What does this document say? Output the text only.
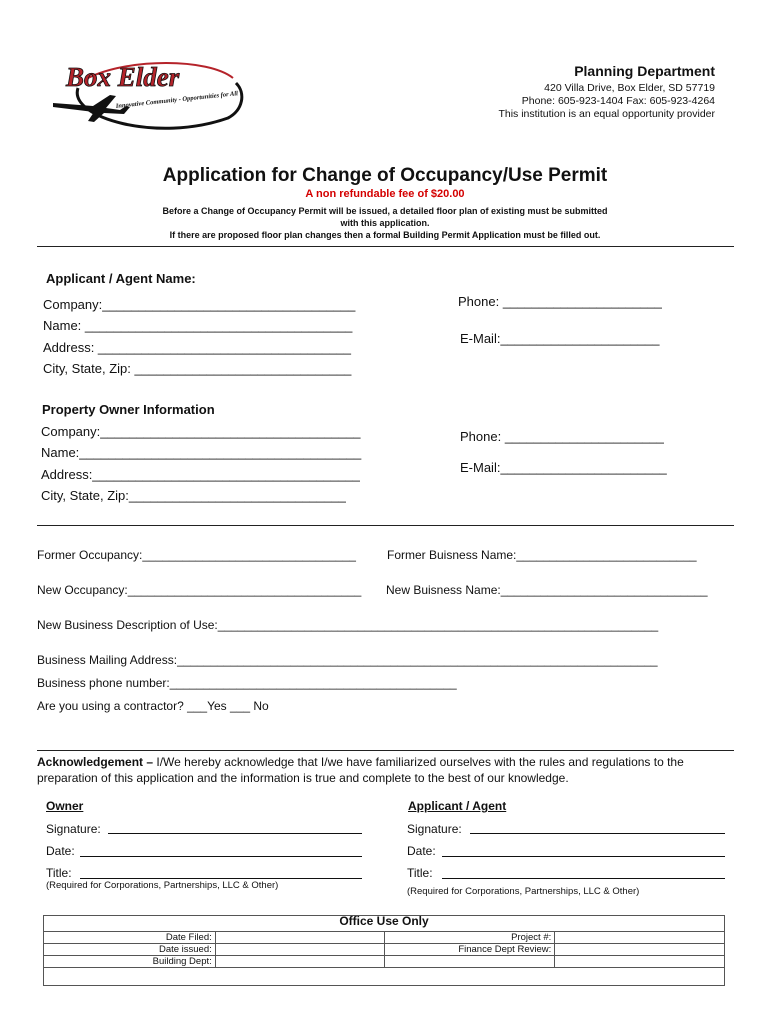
Box Elder
Innovative Community - Opportunities for All
Planning Department
420 Villa Drive, Box Elder, SD 57719
Phone: 605-923-1404 Fax: 605-923-4264
This institution is an equal opportunity provider
Application for Change of Occupancy/Use Permit
A non refundable fee of $20.00
Before a Change of Occupancy Permit will be issued, a detailed floor plan of existing must be submitted
with this application.
If there are proposed floor plan changes then a formal Building Permit Application must be filled out.
Applicant / Agent Name:
Company:___________________________________
Name: _____________________________________
Address: ___________________________________
City, State, Zip: ______________________________
Phone: ______________________
E-Mail:______________________
Property Owner Information
Company:____________________________________
Name:_______________________________________
Address:_____________________________________
City, State, Zip:______________________________
Phone: ______________________
E-Mail:_______________________
Former Occupancy:________________________________	Former Buisness Name:___________________________
New Occupancy:___________________________________ New Buisness Name:_______________________________
New Business Description of Use:__________________________________________________________________
Business Mailing Address:________________________________________________________________________
Business phone number:___________________________________________
Are you using a contractor? ___Yes ___ No
Acknowledgement – I/We hereby acknowledge that I/we have familiarized ourselves with the rules and regulations to the
preparation of this application and the information is true and complete to the best of our knowledge.
Owner
Signature:
Date:
Title:
(Required for Corporations, Partnerships, LLC & Other)
Applicant / Agent
Signature:
Date:
Title:
(Required for Corporations, Partnerships, LLC & Other)

Date Filed:		Project #:	
Date issued:		Finance Dept Review:	
Building Dept:			

Office Use Only
